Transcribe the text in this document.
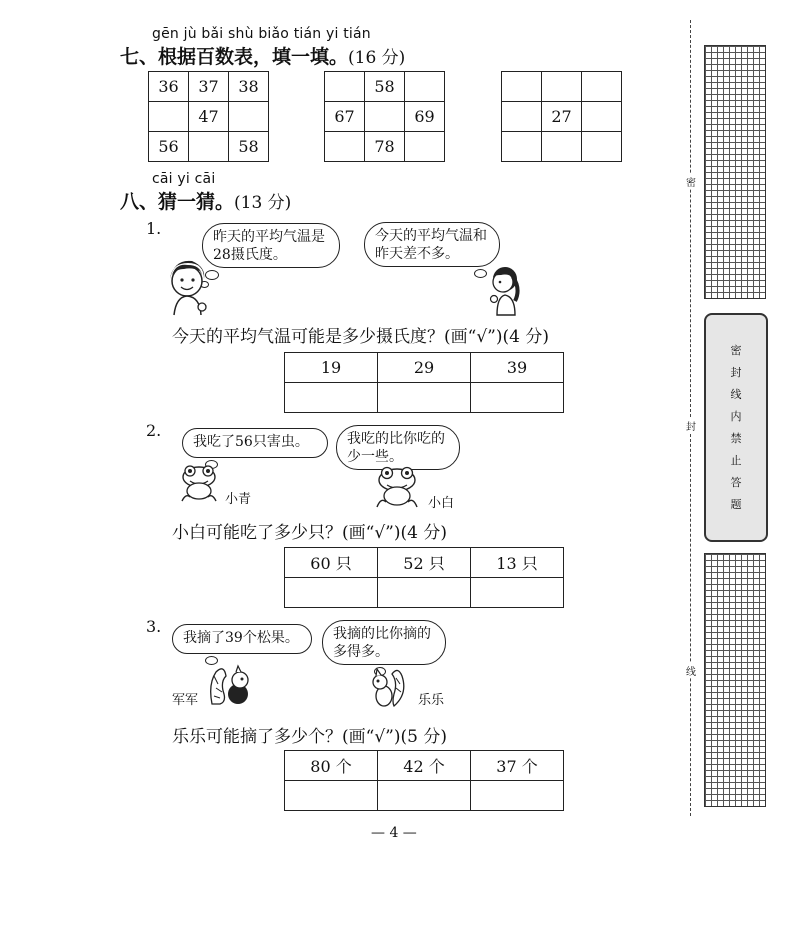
gēn jù bǎi shù biǎo tián yi tián
七、根据百数表，填一填。(16 分)
36	37	38
	47	
56		58
	58	
67		69
	78	

	27	

cāi yi cāi
八、猜一猜。(13 分)
1.	昨天的平均气温是28摄氏度。
今天的平均气温和昨天差不多。
今天的平均气温可能是多少摄氏度？(画“√”)(4 分)
19	29	39

2.
我吃了56只害虫。	我吃的比你吃的少一些。
小青	小白
小白可能吃了多少只？(画“√”)(4 分)
60 只	52 只	13 只

3.
我摘了39个松果。	我摘的比你摘的多得多。
军军	乐乐
乐乐可能摘了多少个？(画“√”)(5 分)
80 个	42 个	37 个

— 4 —
密
密
封
线
内
禁
止
答
题
封
线
